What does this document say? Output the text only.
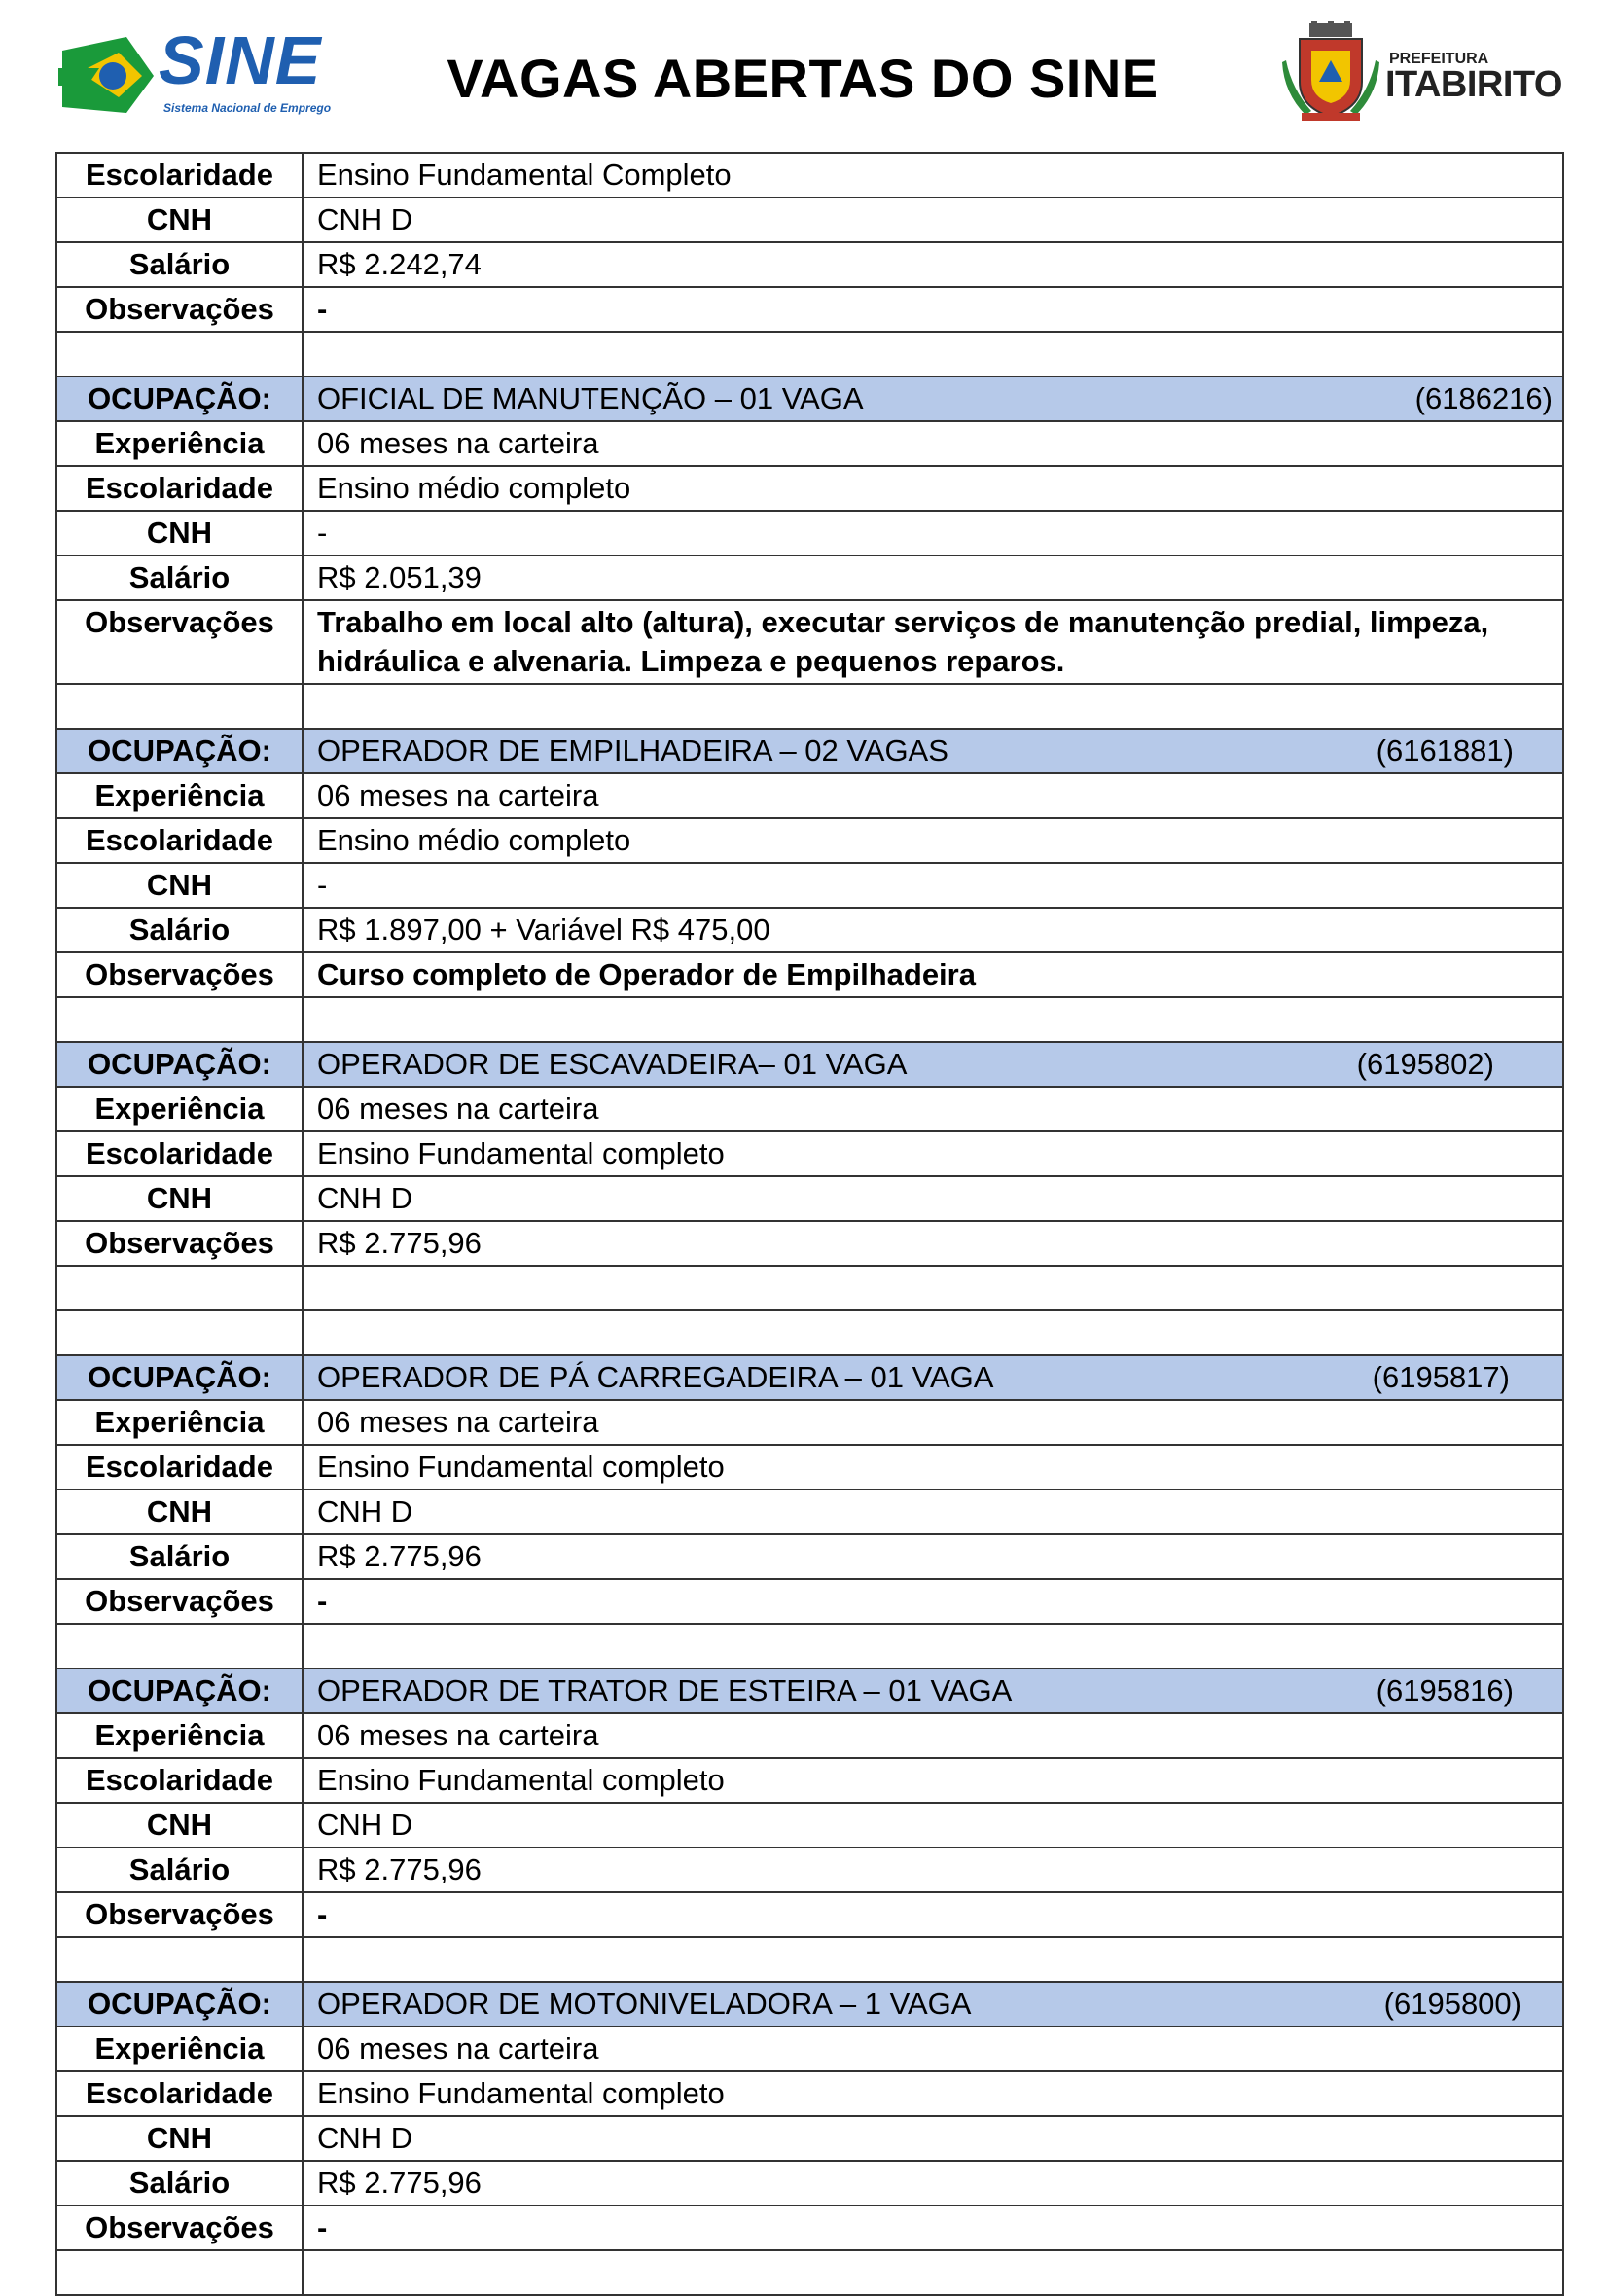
SINE
Sistema Nacional de Emprego	VAGAS ABERTAS DO SINE	PREFEITURA
ITABIRITO
Escolaridade	Ensino Fundamental Completo
CNH	CNH D
Salário	R$ 2.242,74
Observações	-

OCUPAÇÃO:	OFICIAL DE MANUTENÇÃO – 01 VAGA (6186216)

Experiência	06 meses na carteira
Escolaridade	Ensino médio completo
CNH	-
Salário	R$ 2.051,39
Observações	Trabalho em local alto (altura), executar serviços de manutenção predial, limpeza, hidráulica e alvenaria. Limpeza e pequenos reparos.

OCUPAÇÃO:	OPERADOR DE EMPILHADEIRA – 02 VAGAS (6161881)

Experiência	06 meses na carteira
Escolaridade	Ensino médio completo
CNH	-
Salário	R$ 1.897,00 + Variável R$ 475,00
Observações	Curso completo de Operador de Empilhadeira

OCUPAÇÃO:	OPERADOR DE ESCAVADEIRA– 01 VAGA (6195802)

Experiência	06 meses na carteira
Escolaridade	Ensino Fundamental completo
CNH	CNH D
Observações	R$ 2.775,96

OCUPAÇÃO:	OPERADOR DE PÁ CARREGADEIRA – 01 VAGA (6195817)

Experiência	06 meses na carteira
Escolaridade	Ensino Fundamental completo
CNH	CNH D
Salário	R$ 2.775,96
Observações	-

OCUPAÇÃO:	OPERADOR DE TRATOR DE ESTEIRA – 01 VAGA (6195816)

Experiência	06 meses na carteira
Escolaridade	Ensino Fundamental completo
CNH	CNH D
Salário	R$ 2.775,96
Observações	-

OCUPAÇÃO:	OPERADOR DE MOTONIVELADORA – 1 VAGA (6195800)

Experiência	06 meses na carteira
Escolaridade	Ensino Fundamental completo
CNH	CNH D
Salário	R$ 2.775,96
Observações	-
